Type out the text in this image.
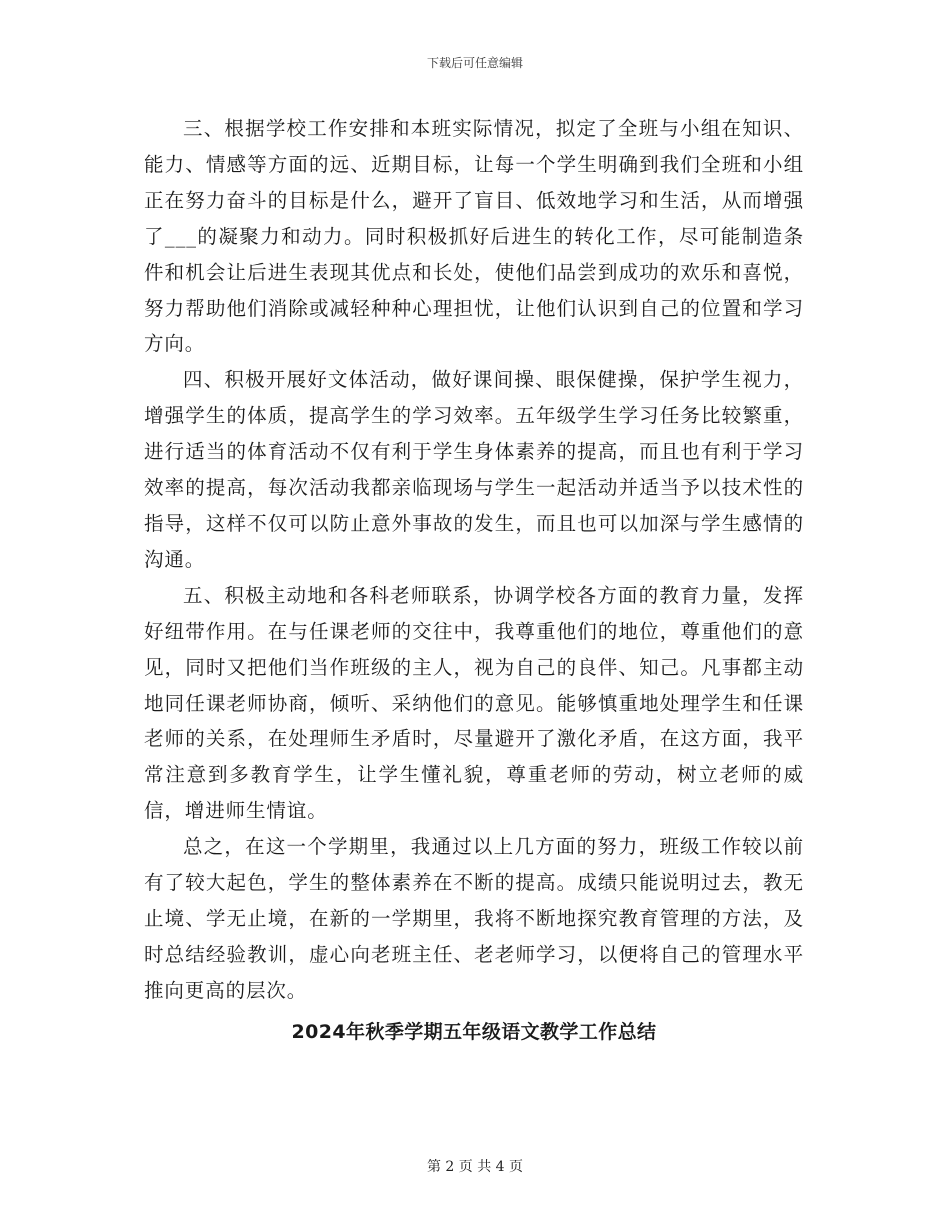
下载后可任意编辑

三、根据学校工作安排和本班实际情况，拟定了全班与小组在知识、能力、情感等方面的远、近期目标，让每一个学生明确到我们全班和小组正在努力奋斗的目标是什么，避开了盲目、低效地学习和生活，从而增强了___的凝聚力和动力。同时积极抓好后进生的转化工作，尽可能制造条件和机会让后进生表现其优点和长处，使他们品尝到成功的欢乐和喜悦，努力帮助他们消除或减轻种种心理担忧，让他们认识到自己的位置和学习方向。

四、积极开展好文体活动，做好课间操、眼保健操，保护学生视力，增强学生的体质，提高学生的学习效率。五年级学生学习任务比较繁重，进行适当的体育活动不仅有利于学生身体素养的提高，而且也有利于学习效率的提高，每次活动我都亲临现场与学生一起活动并适当予以技术性的指导，这样不仅可以防止意外事故的发生，而且也可以加深与学生感情的沟通。

五、积极主动地和各科老师联系，协调学校各方面的教育力量，发挥好纽带作用。在与任课老师的交往中，我尊重他们的地位，尊重他们的意见，同时又把他们当作班级的主人，视为自己的良伴、知己。凡事都主动地同任课老师协商，倾听、采纳他们的意见。能够慎重地处理学生和任课老师的关系，在处理师生矛盾时，尽量避开了激化矛盾，在这方面，我平常注意到多教育学生，让学生懂礼貌，尊重老师的劳动，树立老师的威信，增进师生情谊。

总之，在这一个学期里，我通过以上几方面的努力，班级工作较以前有了较大起色，学生的整体素养在不断的提高。成绩只能说明过去，教无止境、学无止境，在新的一学期里，我将不断地探究教育管理的方法，及时总结经验教训，虚心向老班主任、老老师学习，以便将自己的管理水平推向更高的层次。

2024年秋季学期五年级语文教学工作总结
第 2 页 共 4 页
